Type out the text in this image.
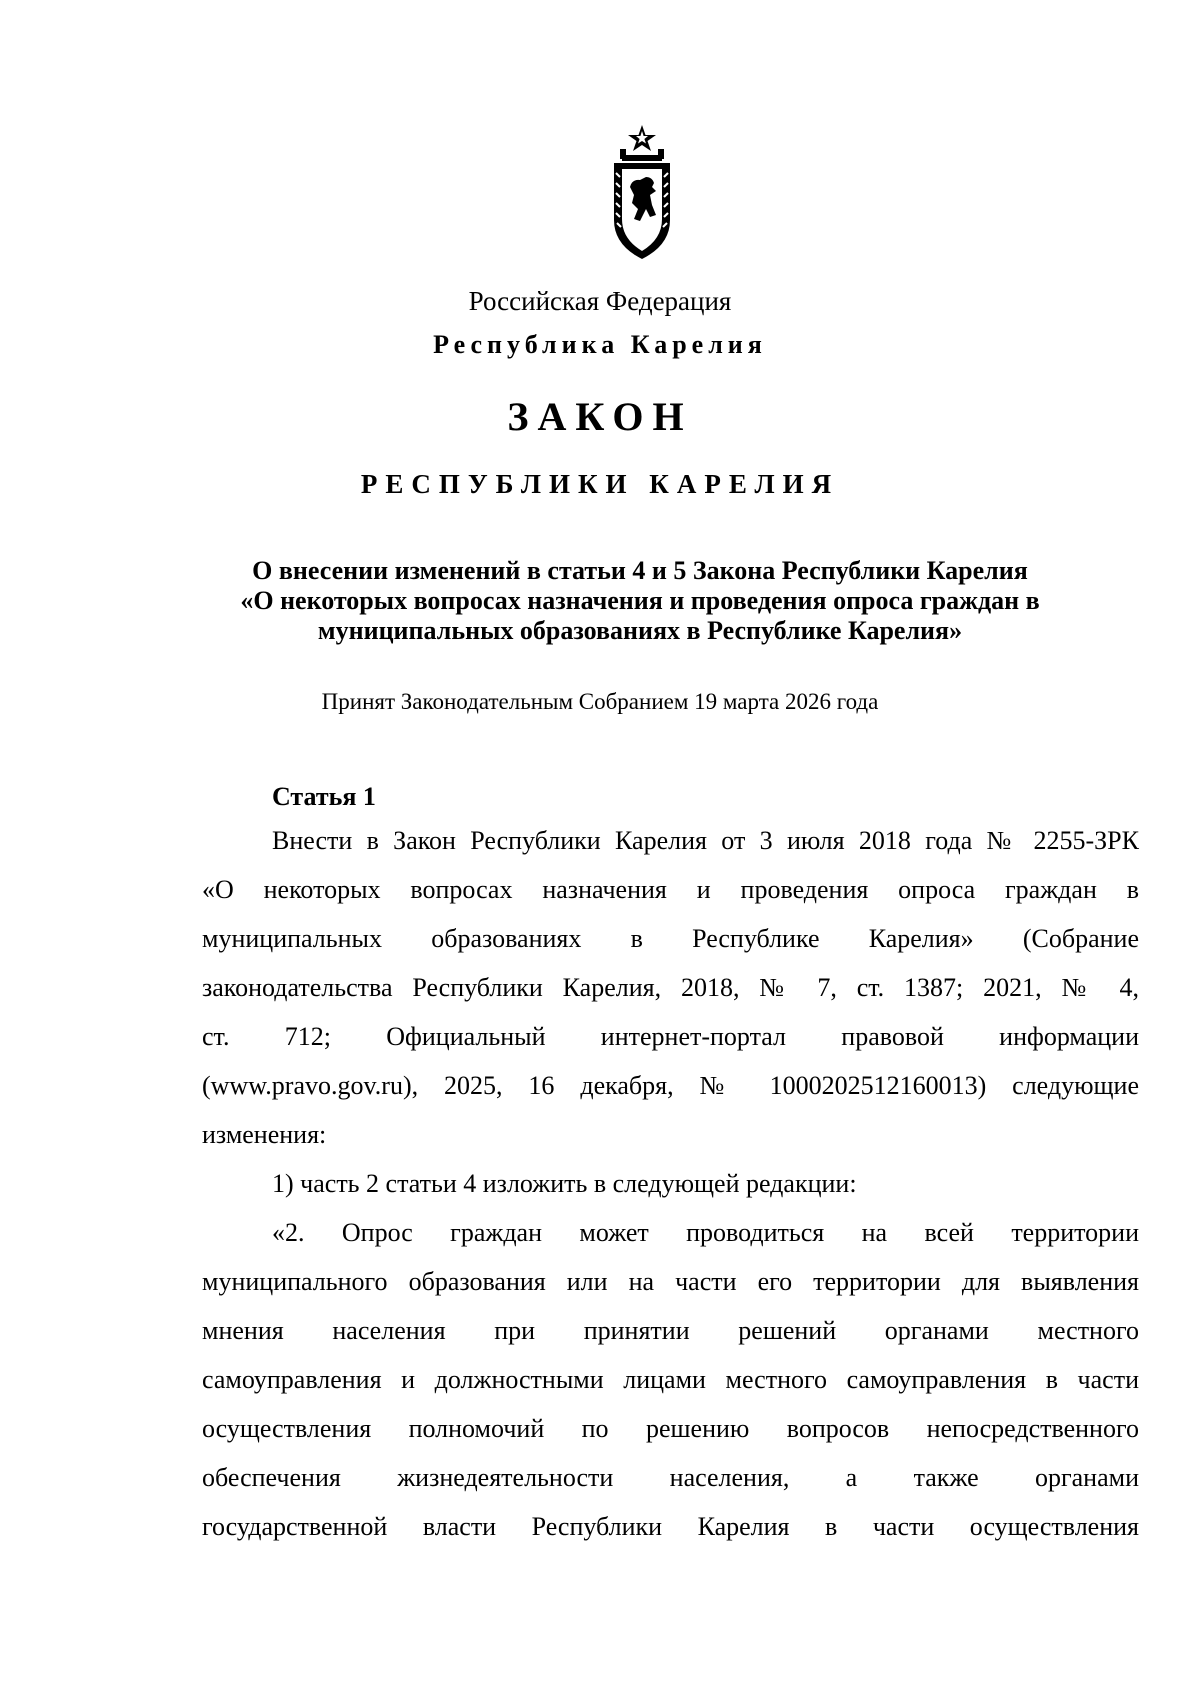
Российская Федерация
Республика Карелия
ЗАКОН
РЕСПУБЛИКИ КАРЕЛИЯ
О внесении изменений в статьи 4 и 5 Закона Республики Карелия
«О некоторых вопросах назначения и проведения опроса граждан в
муниципальных образованиях в Республике Карелия»
Принят Законодательным Собранием 19 марта 2026 года
Статья 1
Внести в Закон Республики Карелия от 3 июля 2018 года № 2255-ЗРК
«О некоторых вопросах назначения и проведения опроса граждан в
муниципальных образованиях в Республике Карелия» (Собрание
законодательства Республики Карелия, 2018, № 7, ст. 1387; 2021, № 4,
ст. 712; Официальный интернет-портал правовой информации
(www.pravo.gov.ru), 2025, 16 декабря, № 1000202512160013) следующие
изменения:
1) часть 2 статьи 4 изложить в следующей редакции:
«2. Опрос граждан может проводиться на всей территории
муниципального образования или на части его территории для выявления
мнения населения при принятии решений органами местного
самоуправления и должностными лицами местного самоуправления в части
осуществления полномочий по решению вопросов непосредственного
обеспечения жизнедеятельности населения, а также органами
государственной власти Республики Карелия в части осуществления
